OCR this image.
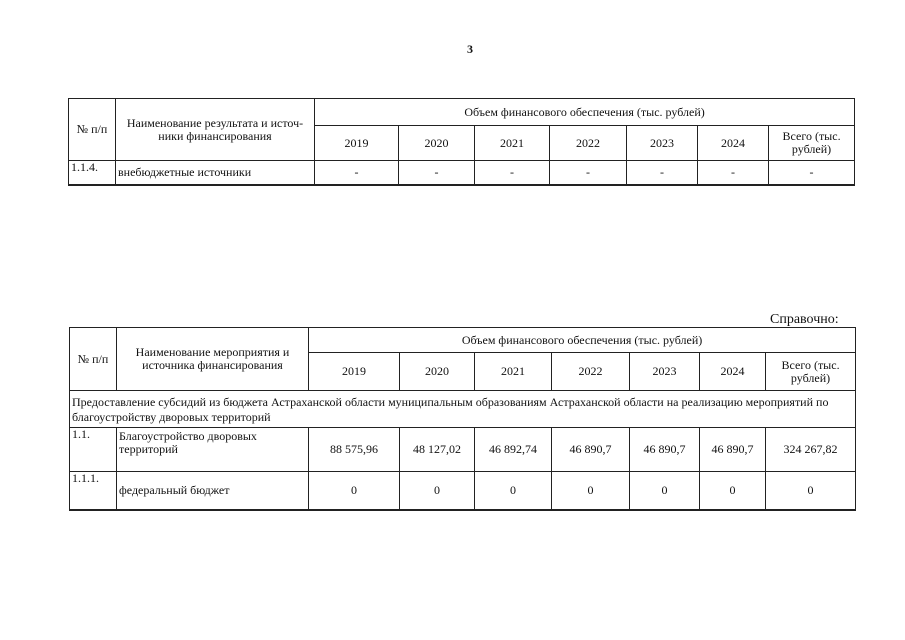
3
№ п/п	Наименование результата и источ-ники финансирования	Объем финансового обеспечения (тыс. рублей)						
		2019	2020	2021	2022	2023	2024	Всего (тыс. рублей)
1.1.4.	внебюджетные источники	-	-	-	-	-	-	-
Справочно:
№ п/п	Наименование мероприятия и источника финансирования	Объем финансового обеспечения (тыс. рублей)						
		2019	2020	2021	2022	2023	2024	Всего (тыс. рублей)
Предоставление субсидий из бюджета Астраханской области муниципальным образованиям Астраханской области на реализацию мероприятий по благоустройству дворовых территорий								
1.1.	Благоустройство дворовых территорий	88 575,96	48 127,02	46 892,74	46 890,7	46 890,7	46 890,7	324 267,82
1.1.1.	федеральный бюджет	0	0	0	0	0	0	0
